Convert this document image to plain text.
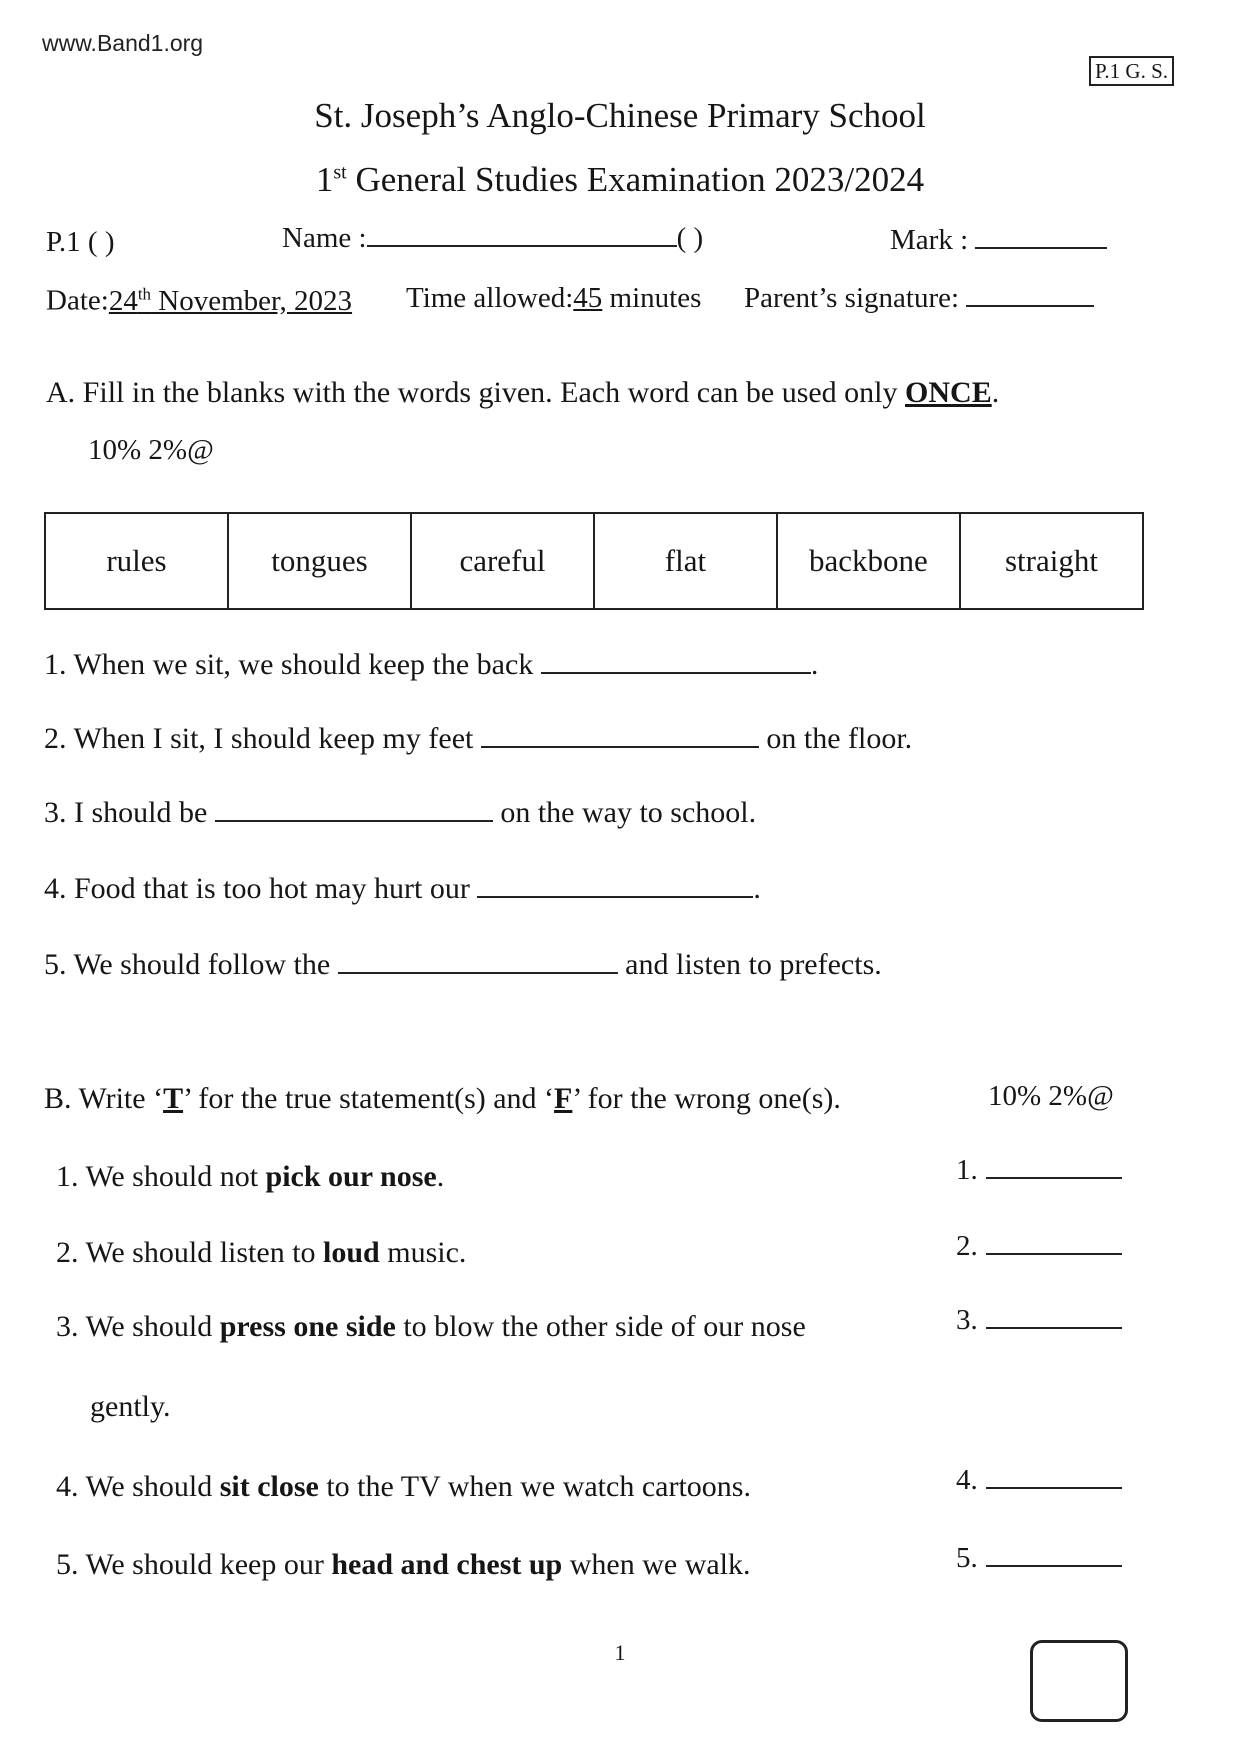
www.Band1.org
P.1 G. S.
St. Joseph’s Anglo-Chinese Primary School
1st General Studies Examination 2023/2024
P.1 ( )	Name :	( )	Mark :
Date:24th November, 2023 Time allowed:45 minutes Parent’s signature:
A. Fill in the blanks with the words given. Each word can be used only ONCE.
10% 2%@
rules	tongues	careful	flat	backbone	straight
1. When we sit, we should keep the back	.
2. When I sit, I should keep my feet	on the floor.
3. I should be	on the way to school.
4. Food that is too hot may hurt our	.
5. We should follow the	and listen to prefects.
B. Write ‘T’ for the true statement(s) and ‘F’ for the wrong one(s).	10% 2%@
1. We should not pick our nose.	1.
2. We should listen to loud music.	2.
3. We should press one side to blow the other side of our nose
gently.
3.
4. We should sit close to the TV when we watch cartoons.	4.
5. We should keep our head and chest up when we walk.	5.
1
